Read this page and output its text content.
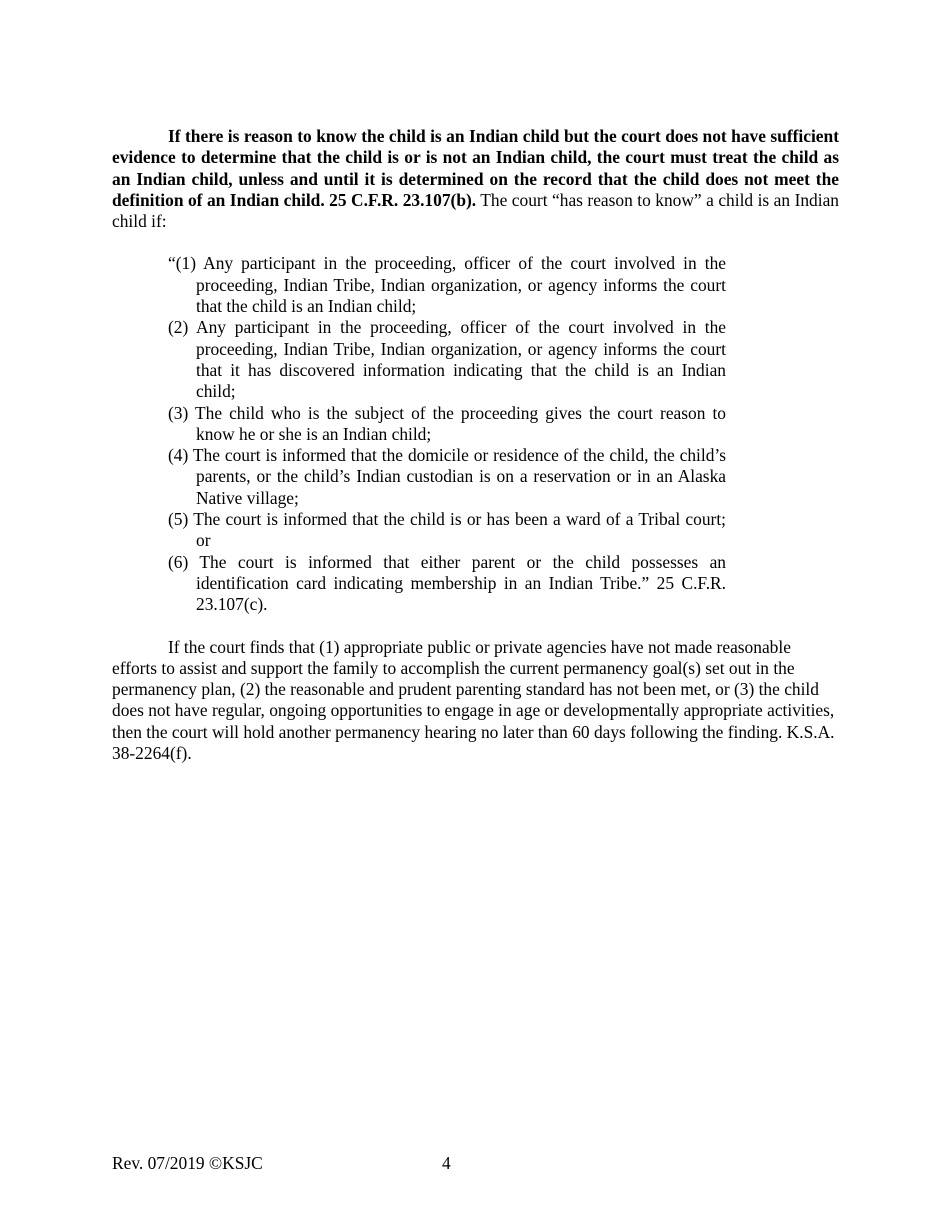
If there is reason to know the child is an Indian child but the court does not have sufficient evidence to determine that the child is or is not an Indian child, the court must treat the child as an Indian child, unless and until it is determined on the record that the child does not meet the definition of an Indian child. 25 C.F.R. 23.107(b). The court “has reason to know” a child is an Indian child if:

“(1) Any participant in the proceeding, officer of the court involved in the proceeding, Indian Tribe, Indian organization, or agency informs the court that the child is an Indian child;
(2) Any participant in the proceeding, officer of the court involved in the proceeding, Indian Tribe, Indian organization, or agency informs the court that it has discovered information indicating that the child is an Indian child;
(3) The child who is the subject of the proceeding gives the court reason to know he or she is an Indian child;
(4) The court is informed that the domicile or residence of the child, the child’s parents, or the child’s Indian custodian is on a reservation or in an Alaska Native village;
(5) The court is informed that the child is or has been a ward of a Tribal court; or
(6) The court is informed that either parent or the child possesses an identification card indicating membership in an Indian Tribe.” 25 C.F.R. 23.107(c).

If the court finds that (1) appropriate public or private agencies have not made reasonable efforts to assist and support the family to accomplish the current permanency goal(s) set out in the permanency plan, (2) the reasonable and prudent parenting standard has not been met, or (3) the child does not have regular, ongoing opportunities to engage in age or developmentally appropriate activities, then the court will hold another permanency hearing no later than 60 days following the finding. K.S.A. 38-2264(f).

Rev. 07/2019 ©KSJC	4
